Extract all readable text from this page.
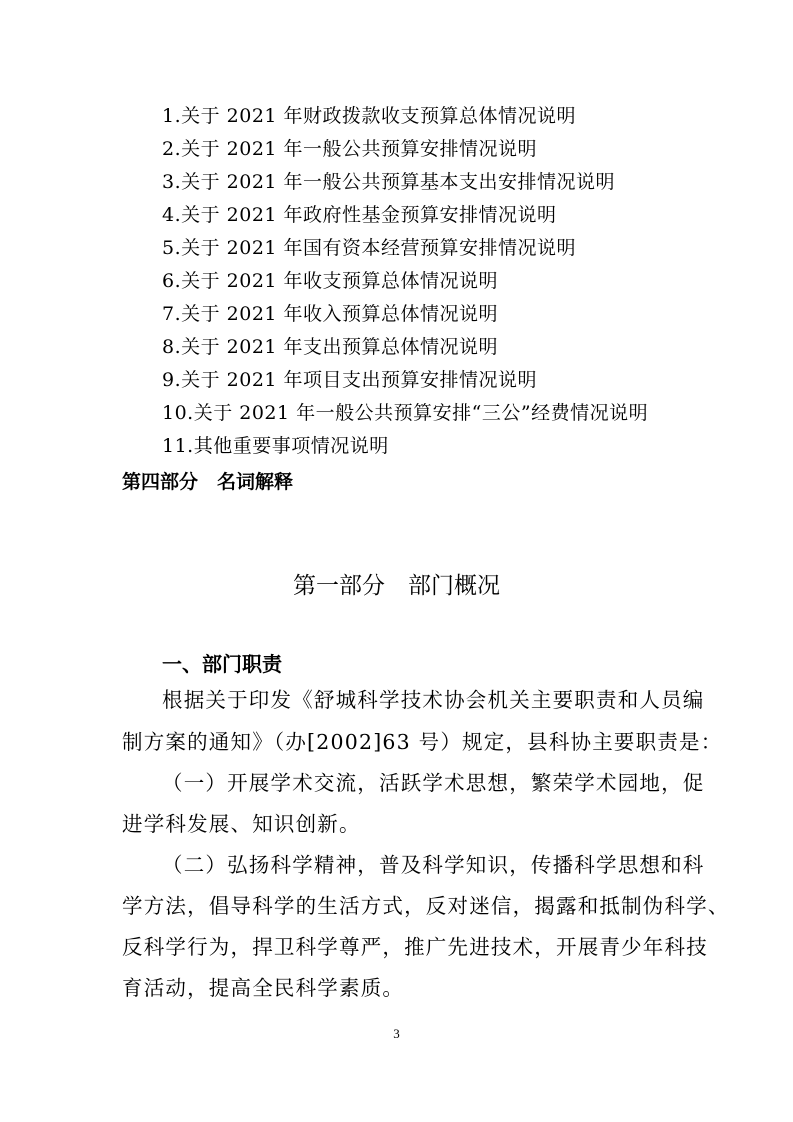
1.关于 2021 年财政拨款收支预算总体情况说明
2.关于 2021 年一般公共预算安排情况说明
3.关于 2021 年一般公共预算基本支出安排情况说明
4.关于 2021 年政府性基金预算安排情况说明
5.关于 2021 年国有资本经营预算安排情况说明
6.关于 2021 年收支预算总体情况说明
7.关于 2021 年收入预算总体情况说明
8.关于 2021 年支出预算总体情况说明
9.关于 2021 年项目支出预算安排情况说明
10.关于 2021 年一般公共预算安排“三公”经费情况说明
11.其他重要事项情况说明
第四部分　名词解释
第一部分　部门概况
一、部门职责
根据关于印发《舒城科学技术协会机关主要职责和人员编
制方案的通知》（办[2002]63 号）规定，县科协主要职责是：
（一）开展学术交流，活跃学术思想，繁荣学术园地，促
进学科发展、知识创新。
（二）弘扬科学精神，普及科学知识，传播科学思想和科
学方法，倡导科学的生活方式，反对迷信，揭露和抵制伪科学、
反科学行为，捍卫科学尊严，推广先进技术，开展青少年科技
育活动，提高全民科学素质。
3
